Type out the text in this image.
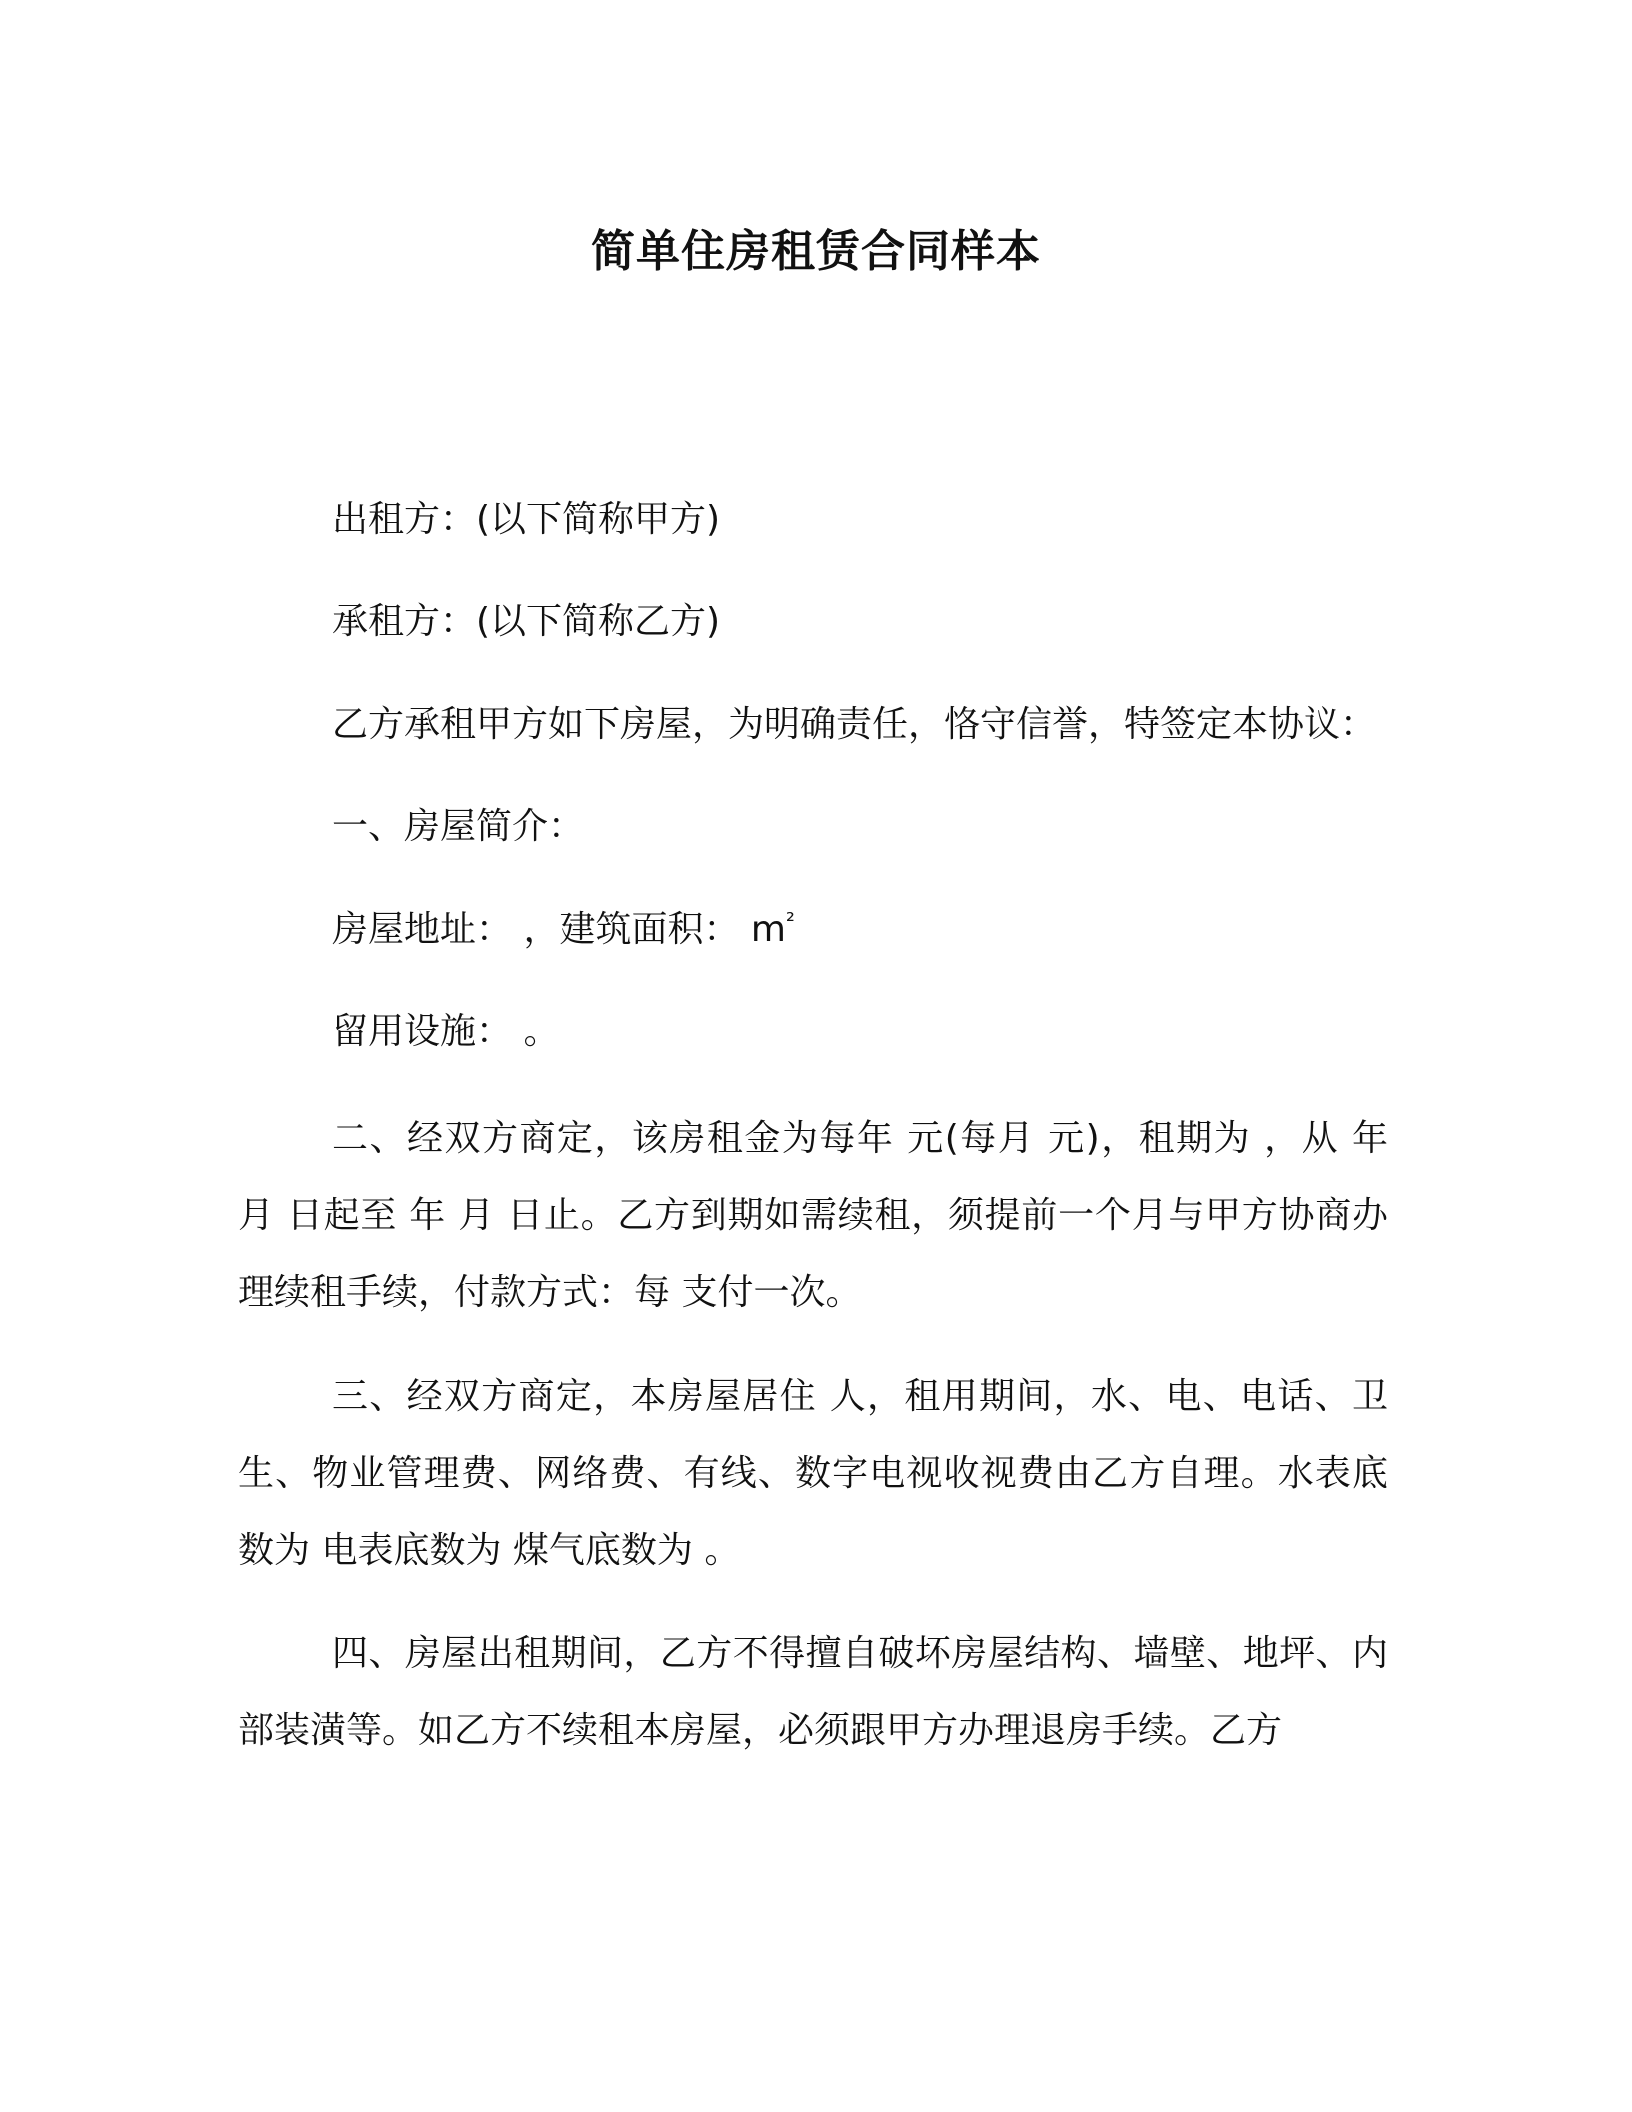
简单住房租赁合同样本
出租方：(以下简称甲方)
承租方：(以下简称乙方)
乙方承租甲方如下房屋，为明确责任，恪守信誉，特签定本协议：
一、房屋简介：
房屋地址： ，建筑面积： $m^{^2}$
留用设施： 。
二、经双方商定，该房租金为每年 元(每月 元)，租期为 ，从 年 月 日起至 年 月 日止。乙方到期如需续租，须提前一个月与甲方协商办理续租手续，付款方式：每 支付一次。
三、经双方商定，本房屋居住 人，租用期间，水、电、电话、卫生、物业管理费、网络费、有线、数字电视收视费由乙方自理。水表底数为 电表底数为 煤气底数为 。
四、房屋出租期间，乙方不得擅自破坏房屋结构、墙壁、地坪、内部装潢等。如乙方不续租本房屋，必须跟甲方办理退房手续。乙方
